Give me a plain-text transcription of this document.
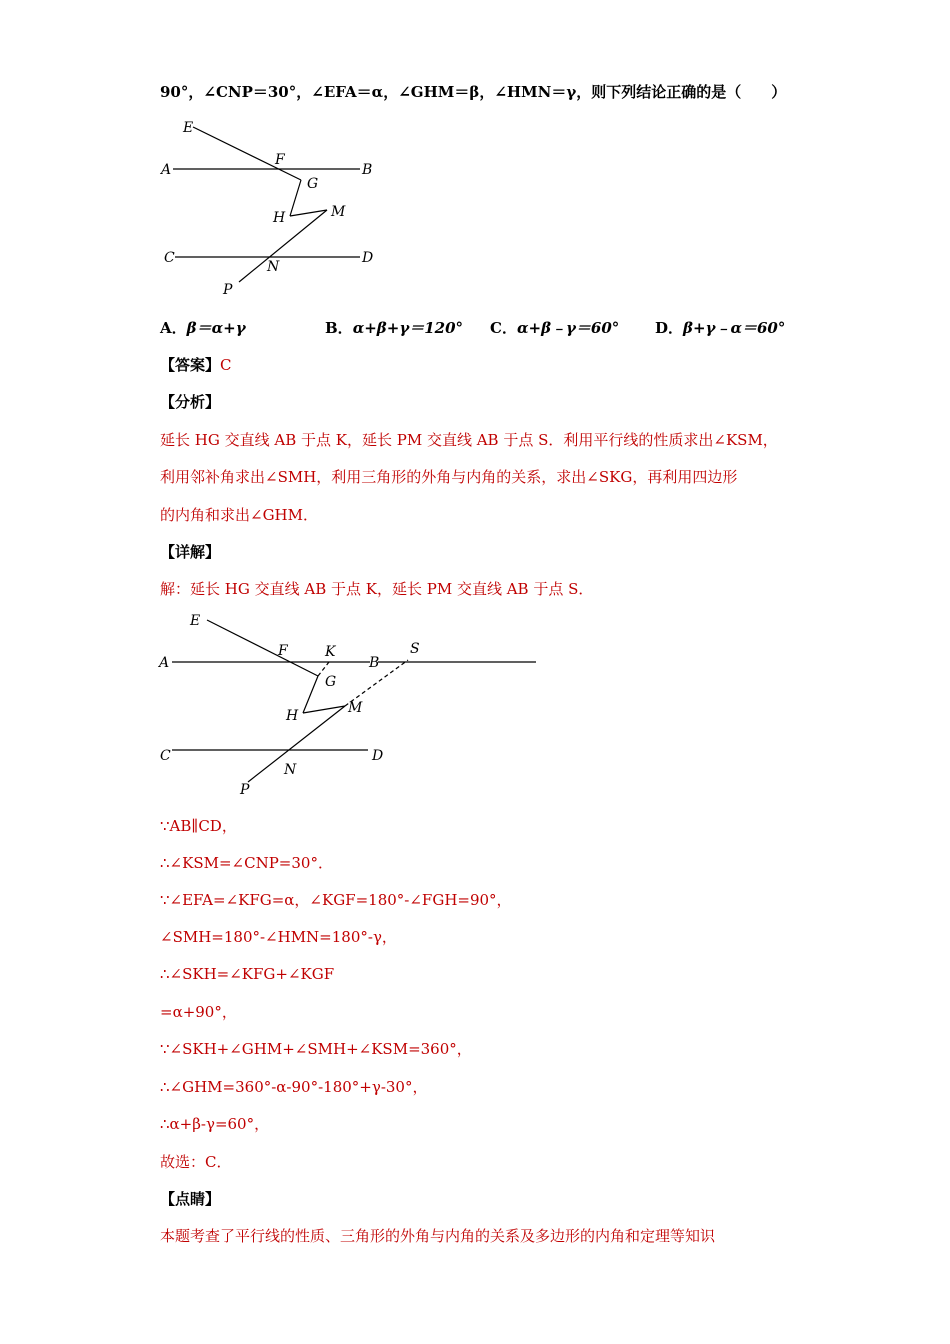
90°，∠CNP＝30°，∠EFA＝α，∠GHM＝β，∠HMN＝γ，则下列结论正确的是（　　）
E
A
F
B
G
H	M
C
N
D
P
A．β＝α+γ	B．α+β+γ＝120° C．α+β﹣γ＝60° D．β+γ﹣α＝60°
【答案】C
【分析】
延长 HG 交直线 AB 于点 K，延长 PM 交直线 AB 于点 S．利用平行线的性质求出∠KSM，
利用邻补角求出∠SMH，利用三角形的外角与内角的关系，求出∠SKG，再利用四边形
的内角和求出∠GHM．
【详解】
解：延长 HG 交直线 AB 于点 K，延长 PM 交直线 AB 于点 S．
E
A
F	K
B
S
G
H	M
C
N
D
P
∵AB∥CD，
∴∠KSM=∠CNP=30°．
∵∠EFA=∠KFG=α，∠KGF=180°-∠FGH=90°，
∠SMH=180°-∠HMN=180°-γ，
∴∠SKH=∠KFG+∠KGF
=α+90°，
∵∠SKH+∠GHM+∠SMH+∠KSM=360°，
∴∠GHM=360°-α-90°-180°+γ-30°，
∴α+β-γ=60°，
故选：C．
【点睛】
本题考查了平行线的性质、三角形的外角与内角的关系及多边形的内角和定理等知识
